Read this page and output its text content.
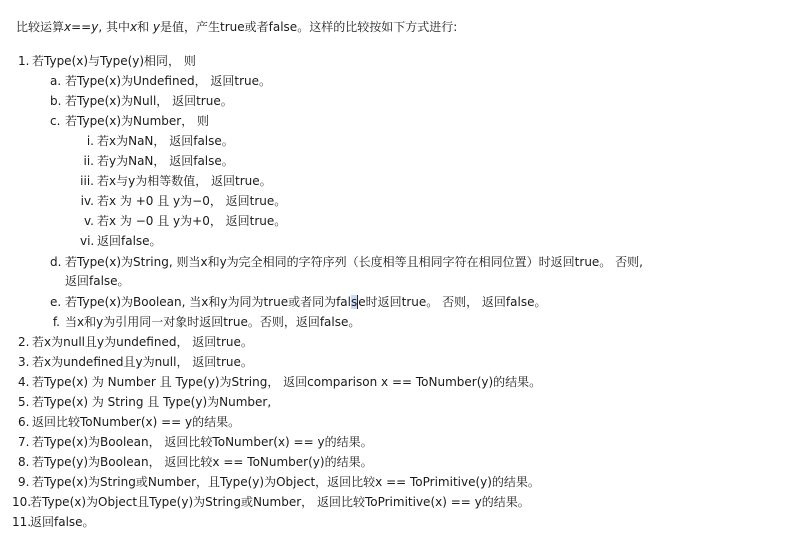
比较运算x==y, 其中x和 y是值，产生true或者false。这样的比较按如下方式进行:
1. 若Type(x)与Type(y)相同， 则
a. 若Type(x)为Undefined， 返回true。
b. 若Type(x)为Null， 返回true。
c. 若Type(x)为Number， 则
i. 若x为NaN， 返回false。
ii. 若y为NaN， 返回false。
iii. 若x与y为相等数值， 返回true。
iv. 若x 为 +0 且 y为−0， 返回true。
v. 若x 为 −0 且 y为+0， 返回true。
vi. 返回false。
d. 若Type(x)为String, 则当x和y为完全相同的字符序列（长度相等且相同字符在相同位置）时返回true。 否则,
返回false。
e. 若Type(x)为Boolean, 当x和y为同为true或者同为false时返回true。 否则， 返回false。
f. 当x和y为引用同一对象时返回true。否则，返回false。
2. 若x为null且y为undefined， 返回true。
3. 若x为undefined且y为null， 返回true。
4. 若Type(x) 为 Number 且 Type(y)为String， 返回comparison x == ToNumber(y)的结果。
5. 若Type(x) 为 String 且 Type(y)为Number,
6. 返回比较ToNumber(x) == y的结果。
7. 若Type(x)为Boolean， 返回比较ToNumber(x) == y的结果。
8. 若Type(y)为Boolean， 返回比较x == ToNumber(y)的结果。
9. 若Type(x)为String或Number，且Type(y)为Object，返回比较x == ToPrimitive(y)的结果。
10.若Type(x)为Object且Type(y)为String或Number， 返回比较ToPrimitive(x) == y的结果。
11.返回false。
